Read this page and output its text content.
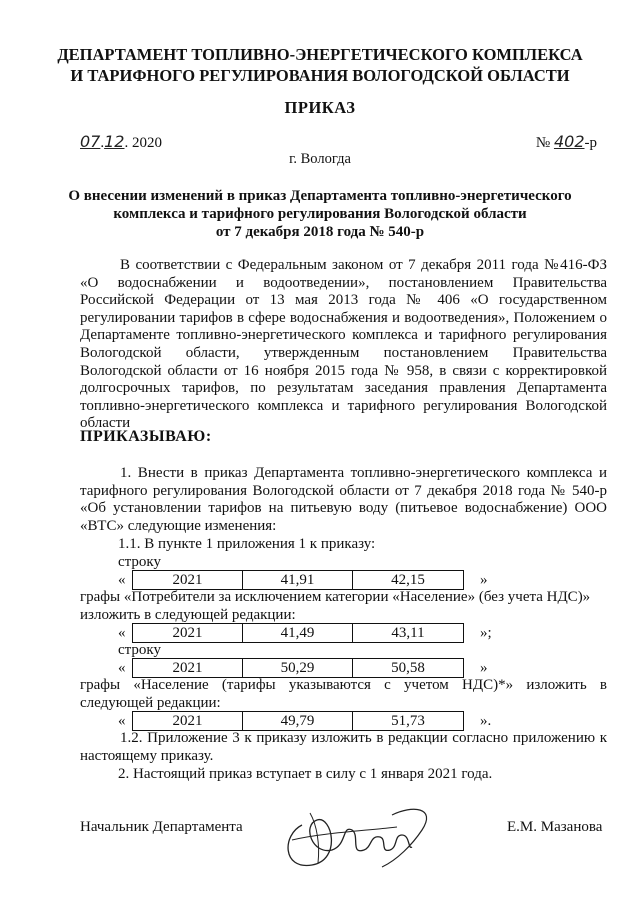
ДЕПАРТАМЕНТ ТОПЛИВНО-ЭНЕРГЕТИЧЕСКОГО КОМПЛЕКСА
И ТАРИФНОГО РЕГУЛИРОВАНИЯ ВОЛОГОДСКОЙ ОБЛАСТИ
ПРИКАЗ
07.12. 2020	№ 402-р
г. Вологда
О внесении изменений в приказ Департамента топливно-энергетического
комплекса и тарифного регулирования Вологодской области
от 7 декабря 2018 года № 540-р
В соответствии с Федеральным законом от 7 декабря 2011 года №416-ФЗ «О водоснабжении и водоотведении», постановлением Правительства Российской Федерации от 13 мая 2013 года № 406 «О государственном регулировании тарифов в сфере водоснабжения и водоотведения», Положением о Департаменте топливно-энергетического комплекса и тарифного регулирования Вологодской области, утвержденным постановлением Правительства Вологодской области от 16 ноября 2015 года № 958, в связи с корректировкой долгосрочных тарифов, по результатам заседания правления Департамента топливно-энергетического комплекса и тарифного регулирования Вологодской области
ПРИКАЗЫВАЮ:
1. Внести в приказ Департамента топливно-энергетического комплекса и тарифного регулирования Вологодской области от 7 декабря 2018 года № 540-р «Об установлении тарифов на питьевую воду (питьевое водоснабжение) ООО «ВТС» следующие изменения:
1.1. В пункте 1 приложения 1 к приказу:
строку
«	2021	41,91	42,15	»
графы «Потребители за исключением категории «Население» (без учета НДС)»
изложить в следующей редакции:
«	2021	41,49	43,11	»;
строку
«	2021	50,29	50,58	»
графы «Население (тарифы указываются с учетом НДС)*» изложить в следующей редакции:
«	2021	49,79	51,73	».
1.2. Приложение 3 к приказу изложить в редакции согласно приложению к настоящему приказу.
2. Настоящий приказ вступает в силу с 1 января 2021 года.
Начальник Департамента	Е.М. Мазанова
